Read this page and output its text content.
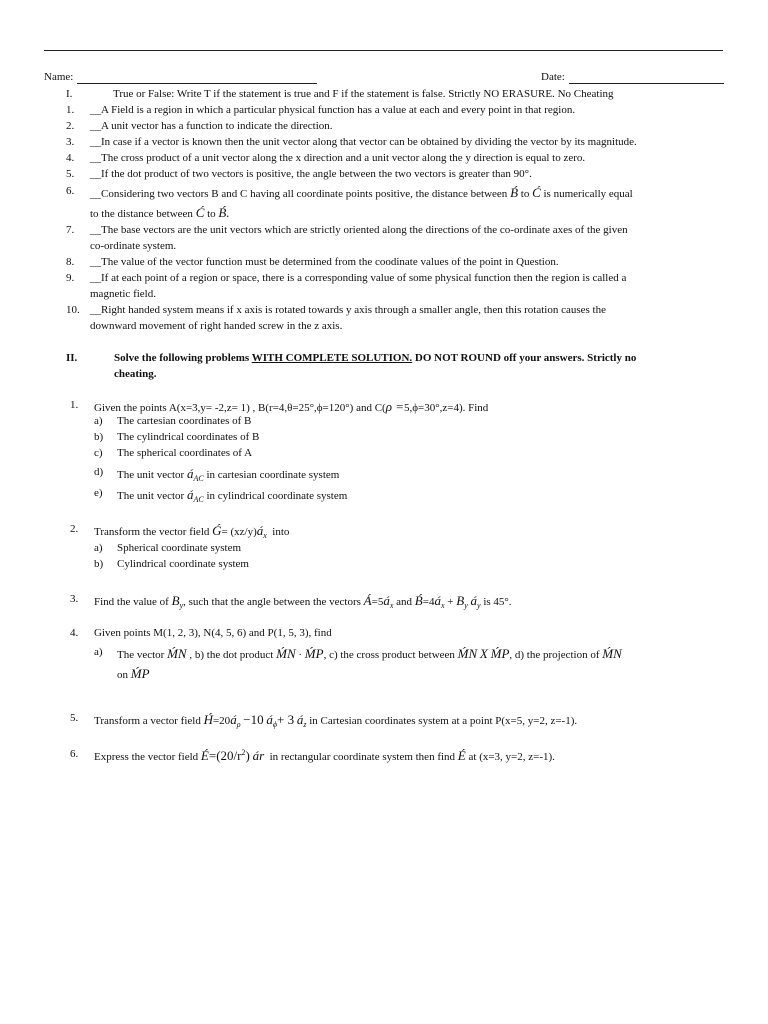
Name:	Date:
I.	True or False: Write T if the statement is true and F if the statement is false. Strictly NO ERASURE. No Cheating
1.	__A Field is a region in which a particular physical function has a value at each and every point in that region.
2.	__A unit vector has a function to indicate the direction.
3.	__In case if a vector is known then the unit vector along that vector can be obtained by dividing the vector by its magnitude.
4.	__The cross product of a unit vector along the x direction and a unit vector along the y direction is equal to zero.
5.	__If the dot product of two vectors is positive, the angle between the two vectors is greater than 90°.
6.	__Considering two vectors B and C having all coordinate points positive, the distance between B́ to Ć is numerically equal
to the distance between Ć to B́.
7.	__The base vectors are the unit vectors which are strictly oriented along the directions of the co-ordinate axes of the given
co-ordinate system.
8.	__The value of the vector function must be determined from the coodinate values of the point in Question.
9.	__If at each point of a region or space, there is a corresponding value of some physical function then the region is called a
magnetic field.
10. __Right handed system means if x axis is rotated towards y axis through a smaller angle, then this rotation causes the
downward movement of right handed screw in the z axis.
II.	Solve the following problems WITH COMPLETE SOLUTION. DO NOT ROUND off your answers. Strictly no
cheating.
1. Given the points A(x=3,y= -2,z= 1) , B(r=4,θ=25°,ϕ=120°) and C(ρ =5,ϕ=30°,z=4). Find
a) The cartesian coordinates of B
b) The cylindrical coordinates of B
c) The spherical coordinates of A
d) The unit vector $á_{AC}$ in cartesian coordinate system
e) The unit vector $á_{AC}$ in cylindrical coordinate system
2. Transform the vector field Ǵ= $(xz/y)á_x$ into
a) Spherical coordinate system
b) Cylindrical coordinate system
3. Find the value of $B_y$, such that the angle between the vectors $Á=5á_x$ and $B́=4á_x + B_y$ $á_y$ is 45°.
4. Given points M(1, 2, 3), N(4, 5, 6) and P(1, 5, 3), find
a) The vector ḾN , b) the dot product ḾN · ḾP, c) the cross product between ḾN X ḾP, d) the projection of ḾN
on ḾP
5. Transform a vector field $H́=20á_\rho -10$ $á_\phi+ 3$ $á_z$ in Cartesian coordinates system at a point P(x=5, y=2, z=-1).
6. Express the vector field $É=(20/r^2)$ ár in rectangular coordinate system then find É at (x=3, y=2, z=-1).
